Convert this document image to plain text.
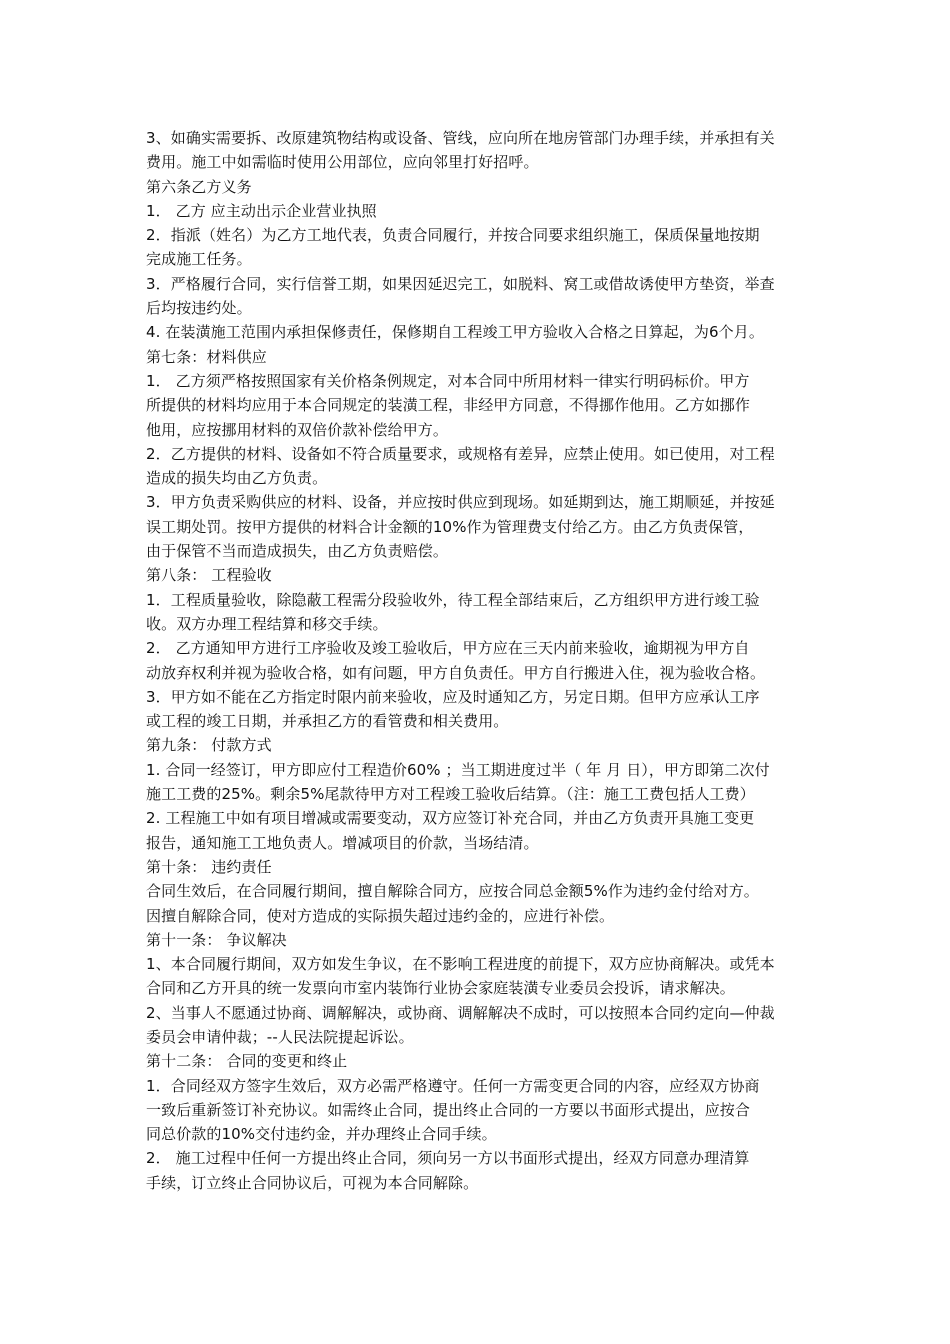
3、如确实需要拆、改原建筑物结构或设备、管线，应向所在地房管部门办理手续，并承担有关
费用。施工中如需临时使用公用部位，应向邻里打好招呼。
第六条乙方义务
1． 乙方 应主动出示企业营业执照
2．指派（姓名）为乙方工地代表，负责合同履行，并按合同要求组织施工，保质保量地按期
完成施工任务。
3．严格履行合同，实行信誉工期，如果因延迟完工，如脱料、窝工或借故诱使甲方垫资，举查
后均按违约处。
4. 在装潢施工范围内承担保修责任，保修期自工程竣工甲方验收入合格之日算起，为6个月。
第七条：材料供应
1． 乙方须严格按照国家有关价格条例规定，对本合同中所用材料一律实行明码标价。甲方
所提供的材料均应用于本合同规定的装潢工程，非经甲方同意，不得挪作他用。乙方如挪作
他用，应按挪用材料的双倍价款补偿给甲方。
2．乙方提供的材料、设备如不符合质量要求，或规格有差异，应禁止使用。如已使用，对工程
造成的损失均由乙方负责。
3．甲方负责采购供应的材料、设备，并应按时供应到现场。如延期到达，施工期顺延，并按延
误工期处罚。按甲方提供的材料合计金额的10%作为管理费支付给乙方。由乙方负责保管，
由于保管不当而造成损失，由乙方负责赔偿。
第八条： 工程验收
1．工程质量验收，除隐蔽工程需分段验收外，待工程全部结束后，乙方组织甲方进行竣工验
收。双方办理工程结算和移交手续。
2． 乙方通知甲方进行工序验收及竣工验收后，甲方应在三天内前来验收，逾期视为甲方自
动放弃权利并视为验收合格，如有问题，甲方自负责任。甲方自行搬进入住，视为验收合格。
3．甲方如不能在乙方指定时限内前来验收，应及时通知乙方，另定日期。但甲方应承认工序
或工程的竣工日期，并承担乙方的看管费和相关费用。
第九条： 付款方式
1. 合同一经签订，甲方即应付工程造价60% ；当工期进度过半（ 年 月 日），甲方即第二次付
施工工费的25%。剩余5%尾款待甲方对工程竣工验收后结算。（注：施工工费包括人工费）
2. 工程施工中如有项目增减或需要变动，双方应签订补充合同，并由乙方负责开具施工变更
报告，通知施工工地负责人。增减项目的价款，当场结清。
第十条： 违约责任
合同生效后，在合同履行期间，擅自解除合同方，应按合同总金额5%作为违约金付给对方。
因擅自解除合同，使对方造成的实际损失超过违约金的，应进行补偿。
第十一条： 争议解决
1、本合同履行期间，双方如发生争议，在不影响工程进度的前提下，双方应协商解决。或凭本
合同和乙方开具的统一发票向市室内装饰行业协会家庭装潢专业委员会投诉，请求解决。
2、当事人不愿通过协商、调解解决，或协商、调解解决不成时，可以按照本合同约定向—仲裁
委员会申请仲裁；--人民法院提起诉讼。
第十二条： 合同的变更和终止
1．合同经双方签字生效后，双方必需严格遵守。任何一方需变更合同的内容，应经双方协商
一致后重新签订补充协议。如需终止合同，提出终止合同的一方要以书面形式提出，应按合
同总价款的10%交付违约金，并办理终止合同手续。
2． 施工过程中任何一方提出终止合同，须向另一方以书面形式提出，经双方同意办理清算
手续，订立终止合同协议后，可视为本合同解除。
